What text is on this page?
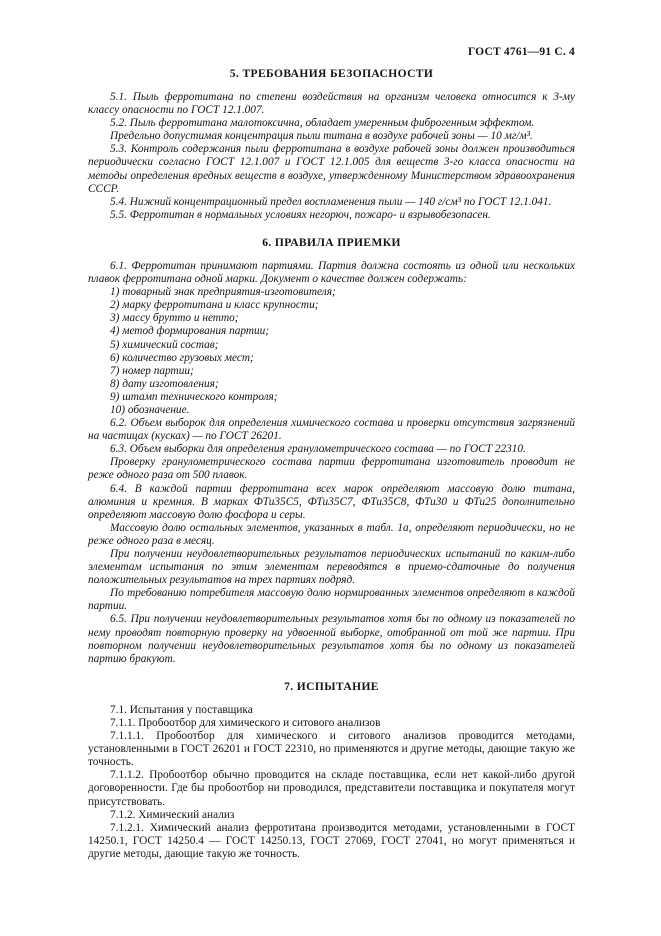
ГОСТ 4761—91 С. 4
5. ТРЕБОВАНИЯ БЕЗОПАСНОСТИ

5.1. Пыль ферротитана по степени воздействия на организм человека относится к 3-му классу опасности по ГОСТ 12.1.007.

5.2. Пыль ферротитана малотоксична, обладает умеренным фиброгенным эффектом.

Предельно допустимая концентрация пыли титана в воздухе рабочей зоны — 10 мг/м³.

5.3. Контроль содержания пыли ферротитана в воздухе рабочей зоны должен производиться периодически согласно ГОСТ 12.1.007 и ГОСТ 12.1.005 для веществ 3-го класса опасности на методы определения вредных веществ в воздухе, утвержденному Министерством здравоохранения СССР.

5.4. Нижний концентрационный предел воспламенения пыли — 140 г/см³ по ГОСТ 12.1.041.

5.5. Ферротитан в нормальных условиях негорюч, пожаро- и взрывобезопасен.

6. ПРАВИЛА ПРИЕМКИ

6.1. Ферротитан принимают партиями. Партия должна состоять из одной или нескольких плавок ферротитана одной марки. Документ о качестве должен содержать:

1) товарный знак предприятия-изготовителя;

2) марку ферротитана и класс крупности;

3) массу брутто и нетто;

4) метод формирования партии;

5) химический состав;

6) количество грузовых мест;

7) номер партии;

8) дату изготовления;

9) штамп технического контроля;

10) обозначение.

6.2. Объем выборок для определения химического состава и проверки отсутствия загрязнений на частицах (кусках) — по ГОСТ 26201.

6.3. Объем выборки для определения гранулометрического состава — по ГОСТ 22310.

Проверку гранулометрического состава партии ферротитана изготовитель проводит не реже одного раза от 500 плавок.

6.4. В каждой партии ферротитана всех марок определяют массовую долю титана, алюминия и кремния. В марках ФТи35С5, ФТи35С7, ФТи35С8, ФТи30 и ФТи25 дополнительно определяют массовую долю фосфора и серы.

Массовую долю остальных элементов, указанных в табл. 1а, определяют периодически, но не реже одного раза в месяц.

При получении неудовлетворительных результатов периодических испытаний по каким-либо элементам испытания по этим элементам переводятся в приемо-сдаточные до получения положительных результатов на трех партиях подряд.

По требованию потребителя массовую долю нормированных элементов определяют в каждой партии.

6.5. При получении неудовлетворительных результатов хотя бы по одному из показателей по нему проводят повторную проверку на удвоенной выборке, отобранной от той же партии. При повторном получении неудовлетворительных результатов хотя бы по одному из показателей партию бракуют.

7. ИСПЫТАНИЕ

7.1. Испытания у поставщика

7.1.1. Пробоотбор для химического и ситового анализов

7.1.1.1. Пробоотбор для химического и ситового анализов проводится методами, установленными в ГОСТ 26201 и ГОСТ 22310, но применяются и другие методы, дающие такую же точность.

7.1.1.2. Пробоотбор обычно проводится на складе поставщика, если нет какой-либо другой договоренности. Где бы пробоотбор ни проводился, представители поставщика и покупателя могут присутствовать.

7.1.2. Химический анализ

7.1.2.1. Химический анализ ферротитана производится методами, установленными в ГОСТ 14250.1, ГОСТ 14250.4 — ГОСТ 14250.13, ГОСТ 27069, ГОСТ 27041, но могут применяться и другие методы, дающие такую же точность.
